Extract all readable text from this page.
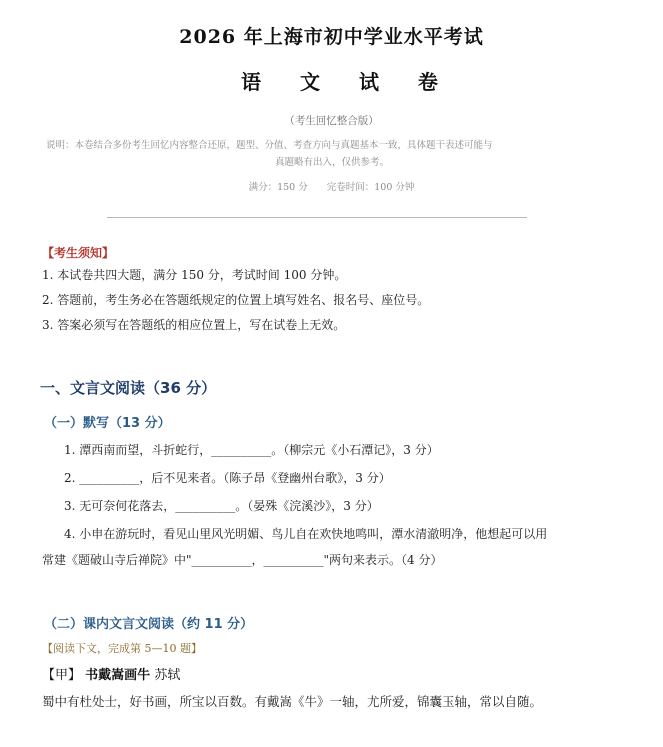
2026 年上海市初中学业水平考试
语 文 试 卷
（考生回忆整合版）
说明：本卷结合多份考生回忆内容整合还原，题型、分值、考查方向与真题基本一致，具体题干表述可能与
真题略有出入，仅供参考。
满分：150 分 完卷时间：100 分钟
【考生须知】
1. 本试卷共四大题，满分 150 分，考试时间 100 分钟。
2. 答题前，考生务必在答题纸规定的位置上填写姓名、报名号、座位号。
3. 答案必须写在答题纸的相应位置上，写在试卷上无效。
一、文言文阅读（36 分）
（一）默写（13 分）
1. 潭西南而望，斗折蛇行，__________。（柳宗元《小石潭记》，3 分）
2. __________，后不见来者。（陈子昂《登幽州台歌》，3 分）
3. 无可奈何花落去，__________。（晏殊《浣溪沙》，3 分）
4. 小申在游玩时，看见山里风光明媚、鸟儿自在欢快地鸣叫，潭水清澈明净，他想起可以用
常建《题破山寺后禅院》中"__________，__________"两句来表示。（4 分）
（二）课内文言文阅读（约 11 分）
【阅读下文，完成第 5—10 题】
【甲】 书戴嵩画牛 苏轼
蜀中有杜处士，好书画，所宝以百数。有戴嵩《牛》一轴，尤所爱，锦囊玉轴，常以自随。
